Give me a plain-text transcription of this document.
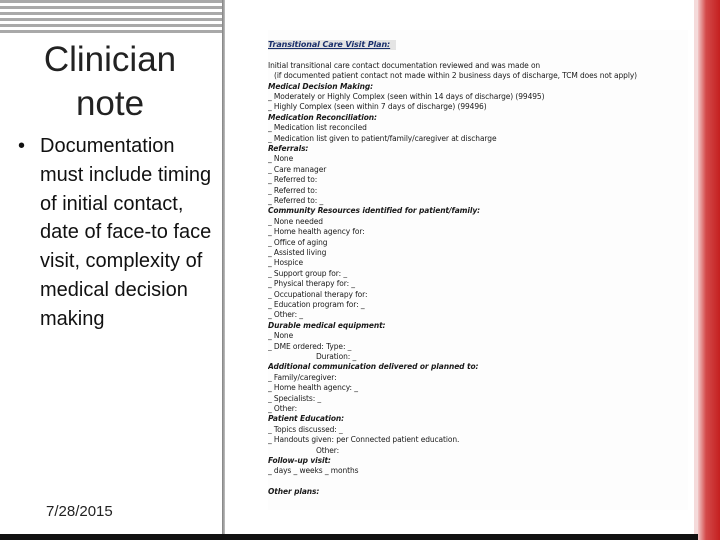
Clinician note
• Documentation must include timing of initial contact, date of face-to face visit, complexity of medical decision making
7/28/2015
Transitional Care Visit Plan:
Initial transitional care contact documentation reviewed and was made on
(if documented patient contact not made within 2 business days of discharge, TCM does not apply)
Medical Decision Making:
_ Moderately or Highly Complex (seen within 14 days of discharge) (99495)
_ Highly Complex (seen within 7 days of discharge) (99496)
Medication Reconciliation:
_ Medication list reconciled
_ Medication list given to patient/family/caregiver at discharge
Referrals:
_ None
_ Care manager
_ Referred to:
_ Referred to:
_ Referred to: _
Community Resources identified for patient/family:
_ None needed
_ Home health agency for:
_ Office of aging
_ Assisted living
_ Hospice
_ Support group for: _
_ Physical therapy for: _
_ Occupational therapy for:
_ Education program for: _
_ Other: _
Durable medical equipment:
_ None
_ DME ordered: Type: _
Duration: _
Additional communication delivered or planned to:
_ Family/caregiver:
_ Home health agency: _
_ Specialists: _
_ Other:
Patient Education:
_ Topics discussed: _
_ Handouts given: per Connected patient education.
Other:
Follow-up visit:
_ days _ weeks _ months
Other plans:
